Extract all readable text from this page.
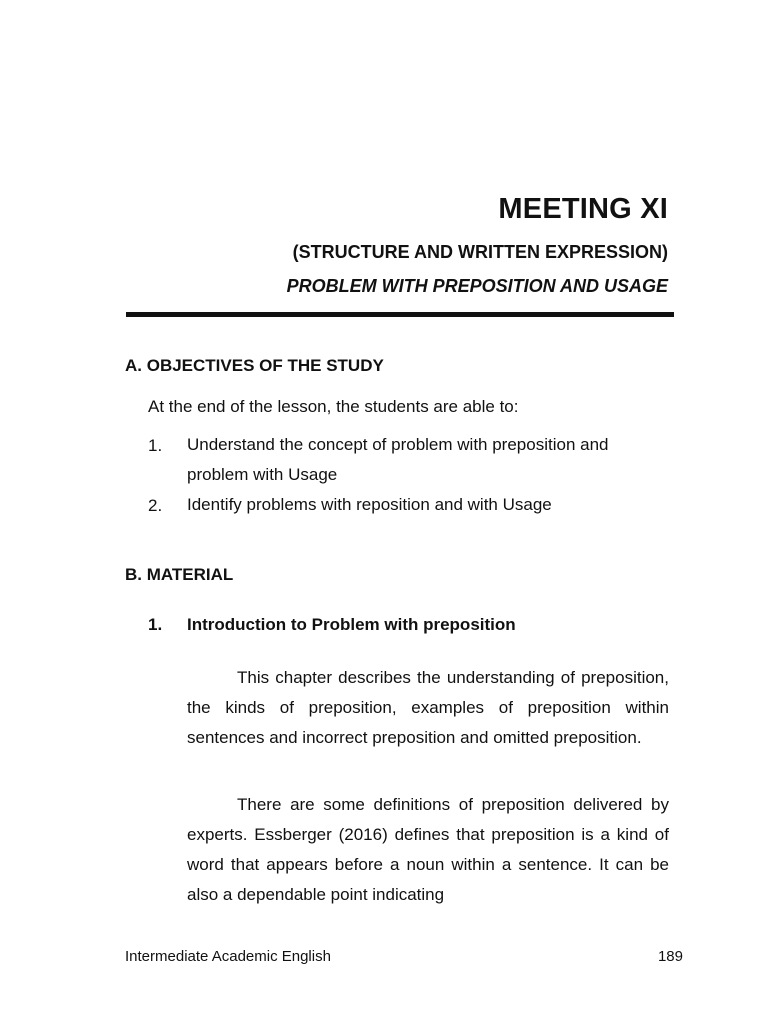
MEETING XI
(STRUCTURE AND WRITTEN EXPRESSION)
PROBLEM WITH PREPOSITION AND USAGE
A. OBJECTIVES OF THE STUDY

At the end of the lesson, the students are able to:

1. Understand the concept of problem with preposition and problem with Usage

2. Identify problems with reposition and with Usage

B. MATERIAL
1. Introduction to Problem with preposition

This chapter describes the understanding of preposition, the kinds of preposition, examples of preposition within sentences and incorrect preposition and omitted preposition.

There are some definitions of preposition delivered by experts. Essberger (2016) defines that preposition is a kind of word that appears before a noun within a sentence. It can be also a dependable point indicating

Intermediate Academic English	189
